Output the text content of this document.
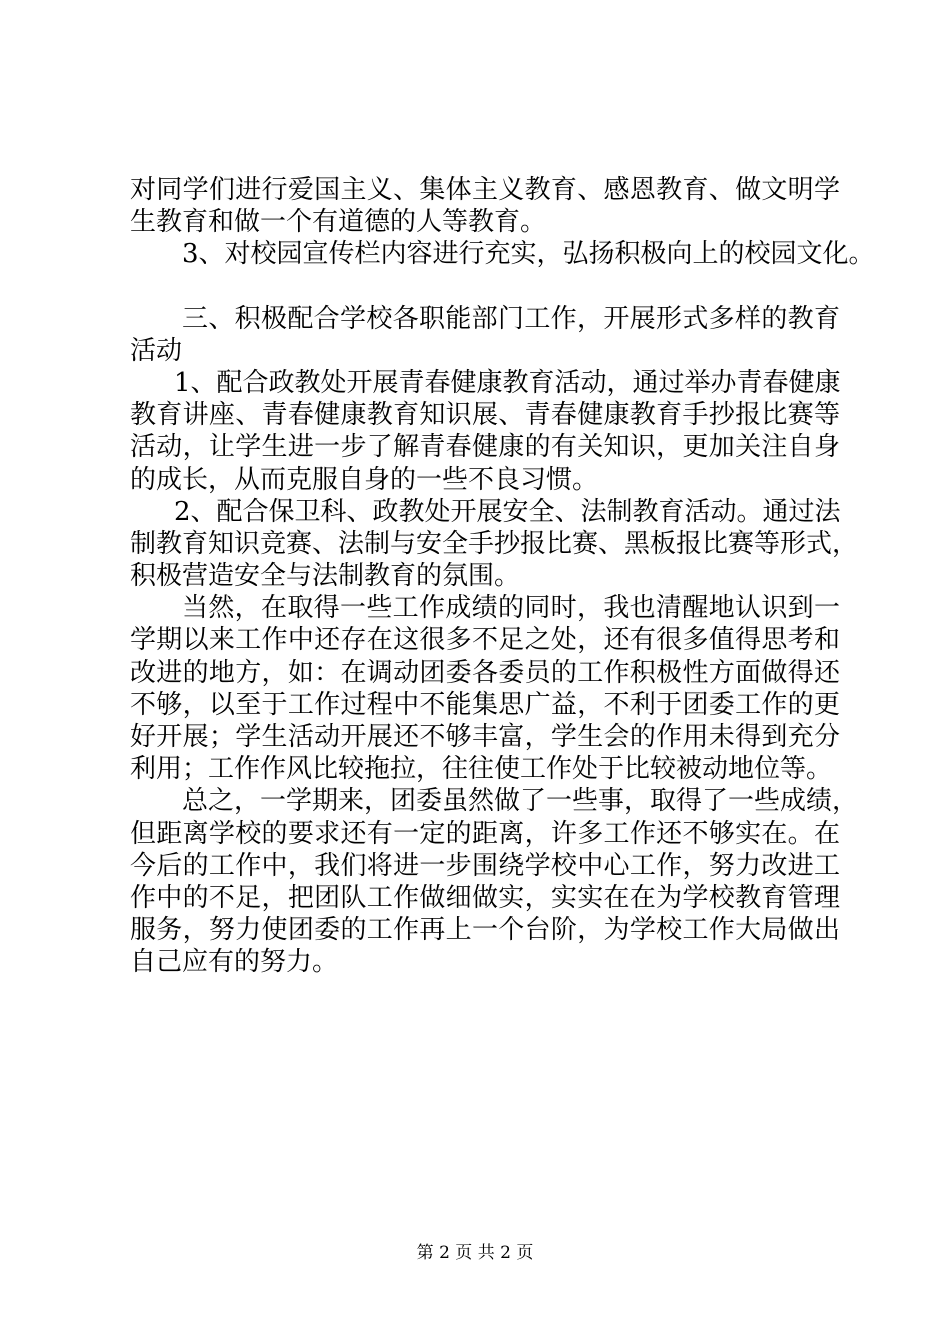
对同学们进行爱国主义、集体主义教育、感恩教育、做文明学
生教育和做一个有道德的人等教育。
3、对校园宣传栏内容进行充实，弘扬积极向上的校园文化。
三、积极配合学校各职能部门工作，开展形式多样的教育
活动
1、配合政教处开展青春健康教育活动，通过举办青春健康
教育讲座、青春健康教育知识展、青春健康教育手抄报比赛等
活动，让学生进一步了解青春健康的有关知识，更加关注自身
的成长，从而克服自身的一些不良习惯。
2、配合保卫科、政教处开展安全、法制教育活动。通过法
制教育知识竞赛、法制与安全手抄报比赛、黑板报比赛等形式，
积极营造安全与法制教育的氛围。
当然，在取得一些工作成绩的同时，我也清醒地认识到一
学期以来工作中还存在这很多不足之处，还有很多值得思考和
改进的地方，如：在调动团委各委员的工作积极性方面做得还
不够，以至于工作过程中不能集思广益，不利于团委工作的更
好开展；学生活动开展还不够丰富，学生会的作用未得到充分
利用；工作作风比较拖拉，往往使工作处于比较被动地位等。
总之，一学期来，团委虽然做了一些事，取得了一些成绩，
但距离学校的要求还有一定的距离，许多工作还不够实在。在
今后的工作中，我们将进一步围绕学校中心工作，努力改进工
作中的不足，把团队工作做细做实，实实在在为学校教育管理
服务，努力使团委的工作再上一个台阶，为学校工作大局做出
自己应有的努力。
第 2 页 共 2 页
